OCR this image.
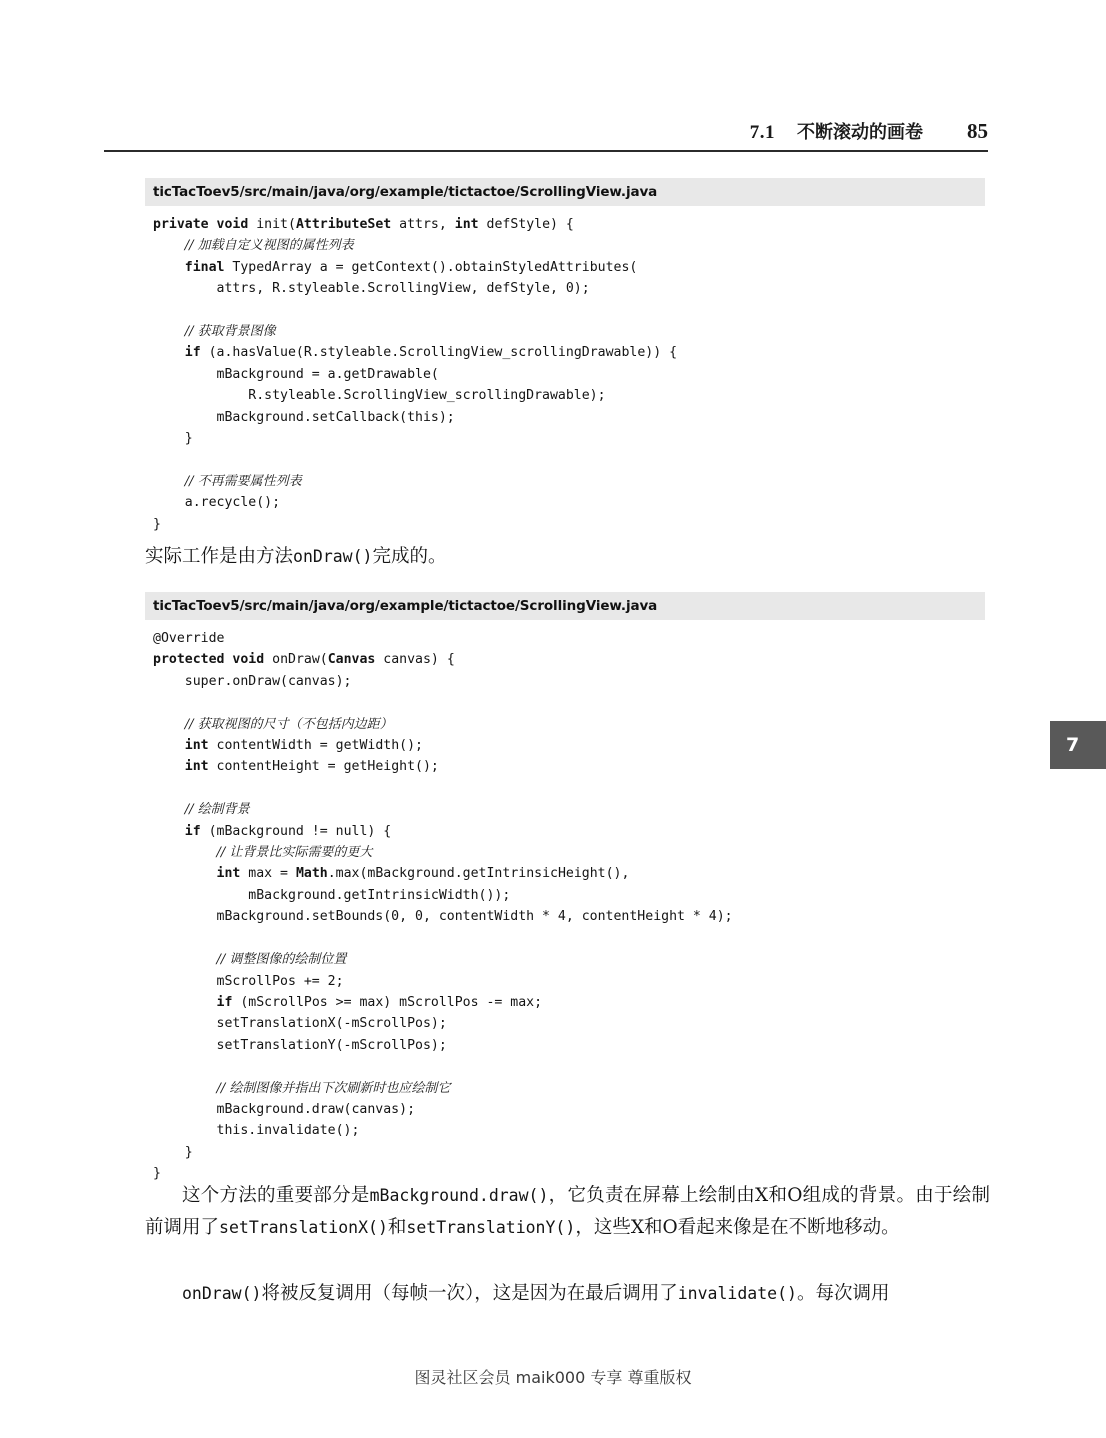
7.1 不断滚动的画卷 85
7
ticTacToev5/src/main/java/org/example/tictactoe/ScrollingView.java
private void init(AttributeSet attrs, int defStyle) {
// 加载自定义视图的属性列表
final TypedArray a = getContext().obtainStyledAttributes(
attrs, R.styleable.ScrollingView, defStyle, 0);

// 获取背景图像
if (a.hasValue(R.styleable.ScrollingView_scrollingDrawable)) {
mBackground = a.getDrawable(
R.styleable.ScrollingView_scrollingDrawable);
mBackground.setCallback(this);
}

// 不再需要属性列表
a.recycle();
}
实际工作是由方法onDraw()完成的。
ticTacToev5/src/main/java/org/example/tictactoe/ScrollingView.java
@Override
protected void onDraw(Canvas canvas) {
super.onDraw(canvas);

// 获取视图的尺寸（不包括内边距）
int contentWidth = getWidth();
int contentHeight = getHeight();

// 绘制背景
if (mBackground != null) {
// 让背景比实际需要的更大
int max = Math.max(mBackground.getIntrinsicHeight(),
mBackground.getIntrinsicWidth());
mBackground.setBounds(0, 0, contentWidth * 4, contentHeight * 4);

// 调整图像的绘制位置
mScrollPos += 2;
if (mScrollPos >= max) mScrollPos -= max;
setTranslationX(-mScrollPos);
setTranslationY(-mScrollPos);

// 绘制图像并指出下次刷新时也应绘制它
mBackground.draw(canvas);
this.invalidate();
}
}
这个方法的重要部分是mBackground.draw()，它负责在屏幕上绘制由X和O组成的背景。由于绘制前调用了setTranslationX()和setTranslationY()，这些X和O看起来像是在不断地移动。
onDraw()将被反复调用（每帧一次），这是因为在最后调用了invalidate()。每次调用
图灵社区会员 maik000 专享 尊重版权
